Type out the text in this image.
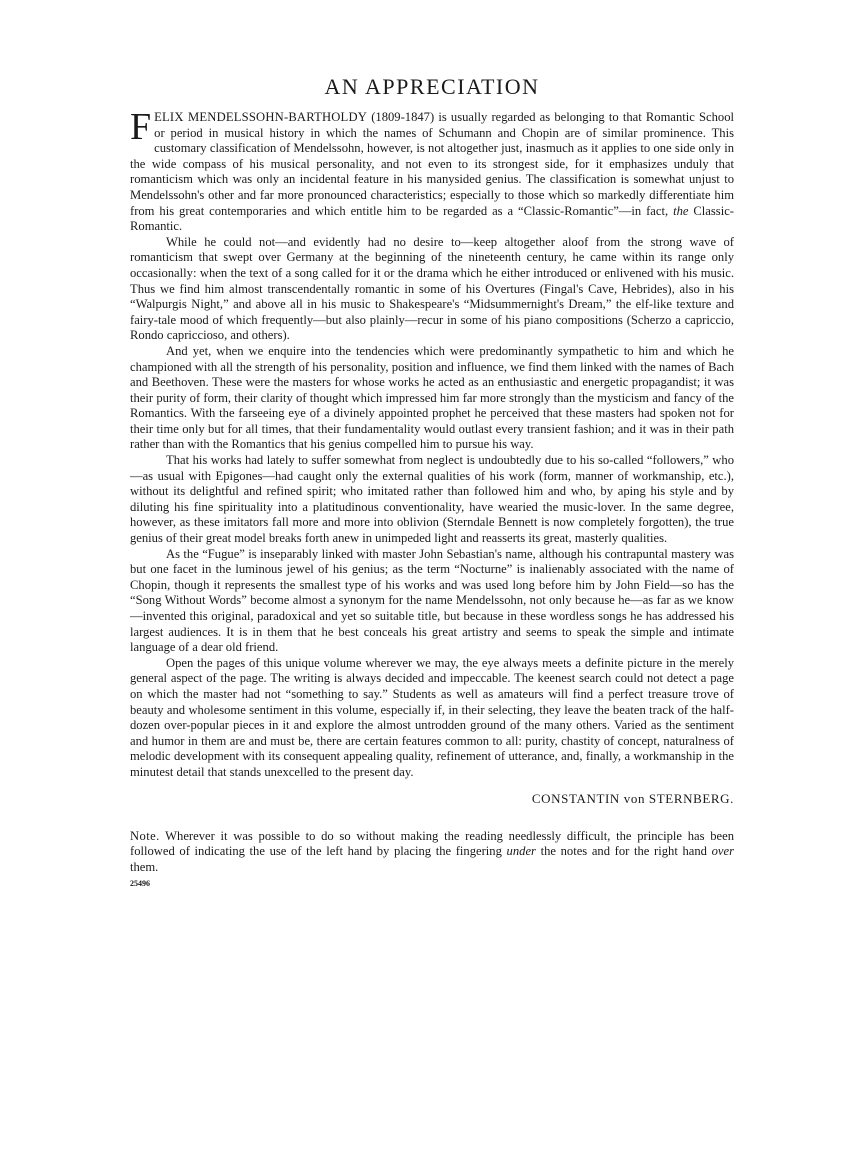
AN APPRECIATION

FELIX MENDELSSOHN-BARTHOLDY (1809-1847) is usually regarded as belonging to that Romantic School or period in musical history in which the names of Schumann and Chopin are of similar prominence. This customary classification of Mendelssohn, however, is not altogether just, inasmuch as it applies to one side only in the wide compass of his musical personality, and not even to its strongest side, for it emphasizes unduly that romanticism which was only an incidental feature in his manysided genius. The classification is somewhat unjust to Mendelssohn's other and far more pronounced characteristics; especially to those which so markedly differentiate him from his great contemporaries and which entitle him to be regarded as a “Classic-Romantic”—in fact, the Classic-Romantic.

While he could not—and evidently had no desire to—keep altogether aloof from the strong wave of romanticism that swept over Germany at the beginning of the nineteenth century, he came within its range only occasionally: when the text of a song called for it or the drama which he either introduced or enlivened with his music. Thus we find him almost transcendentally romantic in some of his Overtures (Fingal's Cave, Hebrides), also in his “Walpurgis Night,” and above all in his music to Shakespeare's “Midsummernight's Dream,” the elf-like texture and fairy-tale mood of which frequently—but also plainly—recur in some of his piano compositions (Scherzo a capriccio, Rondo capriccioso, and others).

And yet, when we enquire into the tendencies which were predominantly sympathetic to him and which he championed with all the strength of his personality, position and influence, we find them linked with the names of Bach and Beethoven. These were the masters for whose works he acted as an enthusiastic and energetic propagandist; it was their purity of form, their clarity of thought which impressed him far more strongly than the mysticism and fancy of the Romantics. With the farseeing eye of a divinely appointed prophet he perceived that these masters had spoken not for their time only but for all times, that their fundamentality would outlast every transient fashion; and it was in their path rather than with the Romantics that his genius compelled him to pursue his way.

That his works had lately to suffer somewhat from neglect is undoubtedly due to his so-called “followers,” who—as usual with Epigones—had caught only the external qualities of his work (form, manner of workmanship, etc.), without its delightful and refined spirit; who imitated rather than followed him and who, by aping his style and by diluting his fine spirituality into a platitudinous conventionality, have wearied the music-lover. In the same degree, however, as these imitators fall more and more into oblivion (Sterndale Bennett is now completely forgotten), the true genius of their great model breaks forth anew in unimpeded light and reasserts its great, masterly qualities.

As the “Fugue” is inseparably linked with master John Sebastian's name, although his contrapuntal mastery was but one facet in the luminous jewel of his genius; as the term “Nocturne” is inalienably associated with the name of Chopin, though it represents the smallest type of his works and was used long before him by John Field—so has the “Song Without Words” become almost a synonym for the name Mendelssohn, not only because he—as far as we know—invented this original, paradoxical and yet so suitable title, but because in these wordless songs he has addressed his largest audiences. It is in them that he best conceals his great artistry and seems to speak the simple and intimate language of a dear old friend.

Open the pages of this unique volume wherever we may, the eye always meets a definite picture in the merely general aspect of the page. The writing is always decided and impeccable. The keenest search could not detect a page on which the master had not “something to say.” Students as well as amateurs will find a perfect treasure trove of beauty and wholesome sentiment in this volume, especially if, in their selecting, they leave the beaten track of the half-dozen over-popular pieces in it and explore the almost untrodden ground of the many others. Varied as the sentiment and humor in them are and must be, there are certain features common to all: purity, chastity of concept, naturalness of melodic development with its consequent appealing quality, refinement of utterance, and, finally, a workmanship in the minutest detail that stands unexcelled to the present day.

CONSTANTIN von STERNBERG.
Note. Wherever it was possible to do so without making the reading needlessly difficult, the principle has been followed of indicating the use of the left hand by placing the fingering under the notes and for the right hand over them.
25496
